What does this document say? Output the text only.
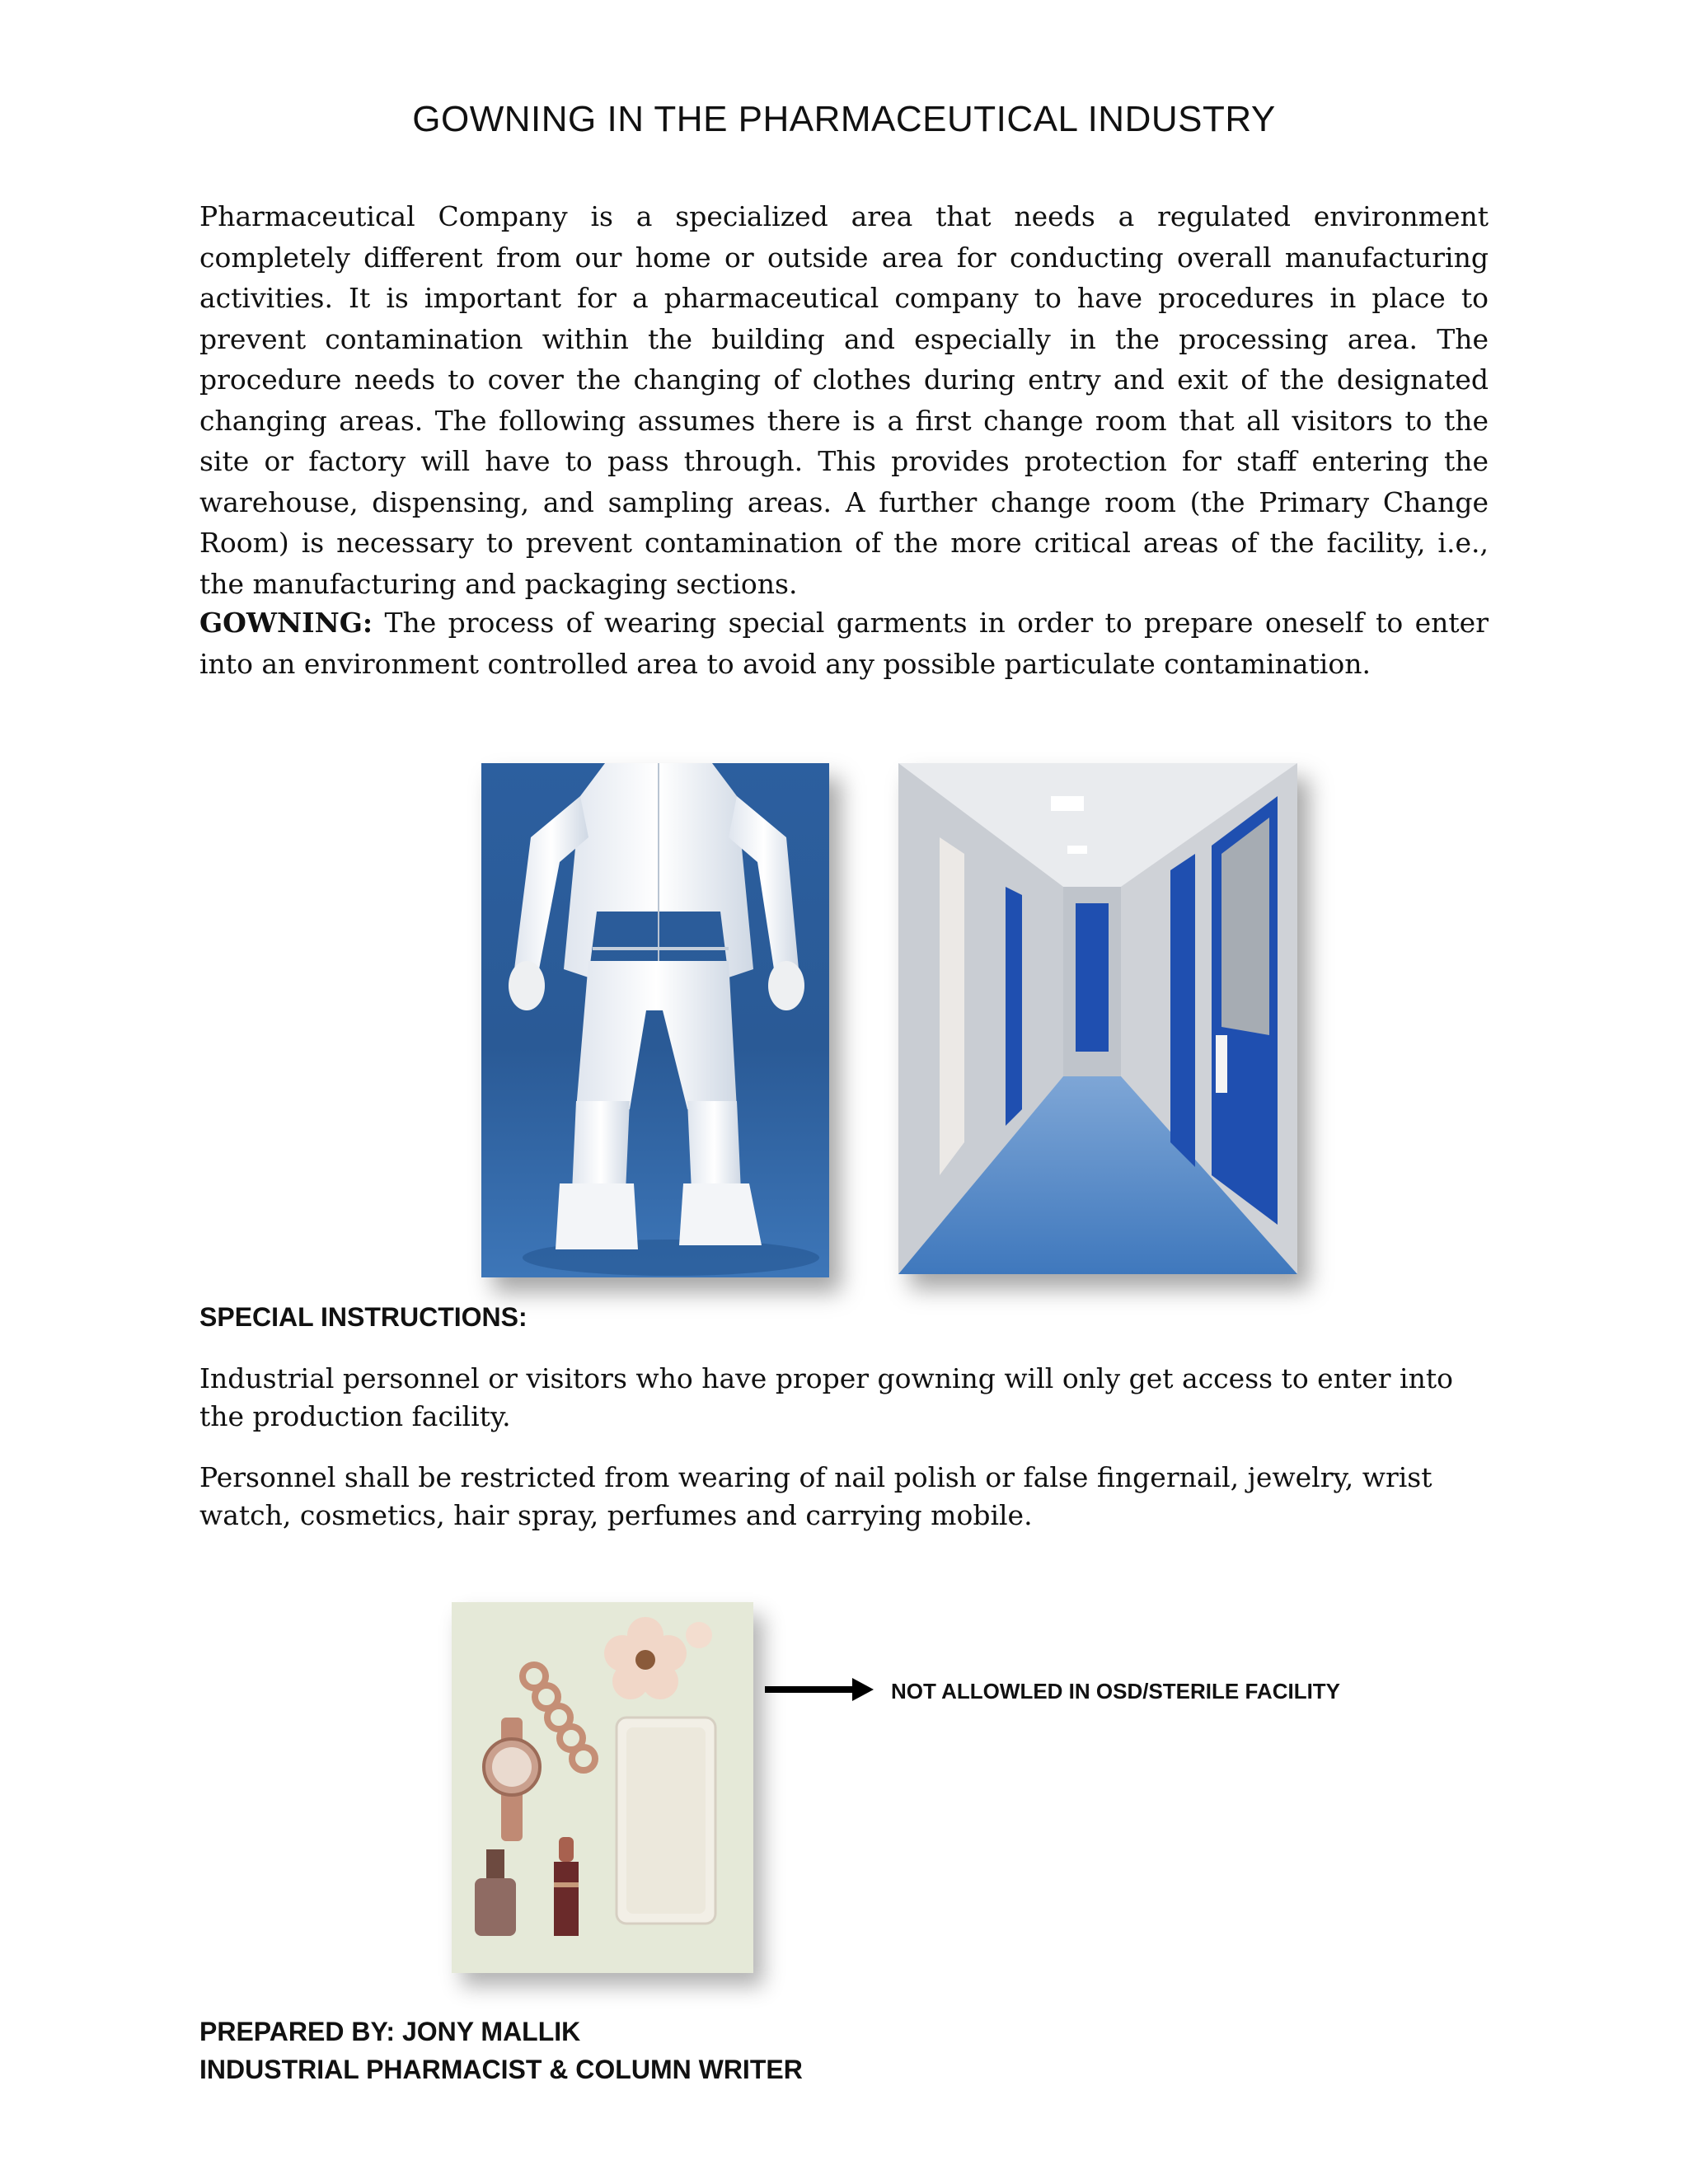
GOWNING IN THE PHARMACEUTICAL INDUSTRY
Pharmaceutical Company is a specialized area that needs a regulated environment completely different from our home or outside area for conducting overall manufacturing activities. It is important for a pharmaceutical company to have procedures in place to prevent contamination within the building and especially in the processing area. The procedure needs to cover the changing of clothes during entry and exit of the designated changing areas. The following assumes there is a first change room that all visitors to the site or factory will have to pass through. This provides protection for staff entering the warehouse, dispensing, and sampling areas. A further change room (the Primary Change Room) is necessary to prevent contamination of the more critical areas of the facility, i.e., the manufacturing and packaging sections.
GOWNING: The process of wearing special garments in order to prepare oneself to enter into an environment controlled area to avoid any possible particulate contamination.
SPECIAL INSTRUCTIONS:
Industrial personnel or visitors who have proper gowning will only get access to enter into the production facility.
Personnel shall be restricted from wearing of nail polish or false fingernail, jewelry, wrist watch, cosmetics, hair spray, perfumes and carrying mobile.
NOT ALLOWLED IN OSD/STERILE FACILITY
PREPARED BY: JONY MALLIK
INDUSTRIAL PHARMACIST & COLUMN WRITER
